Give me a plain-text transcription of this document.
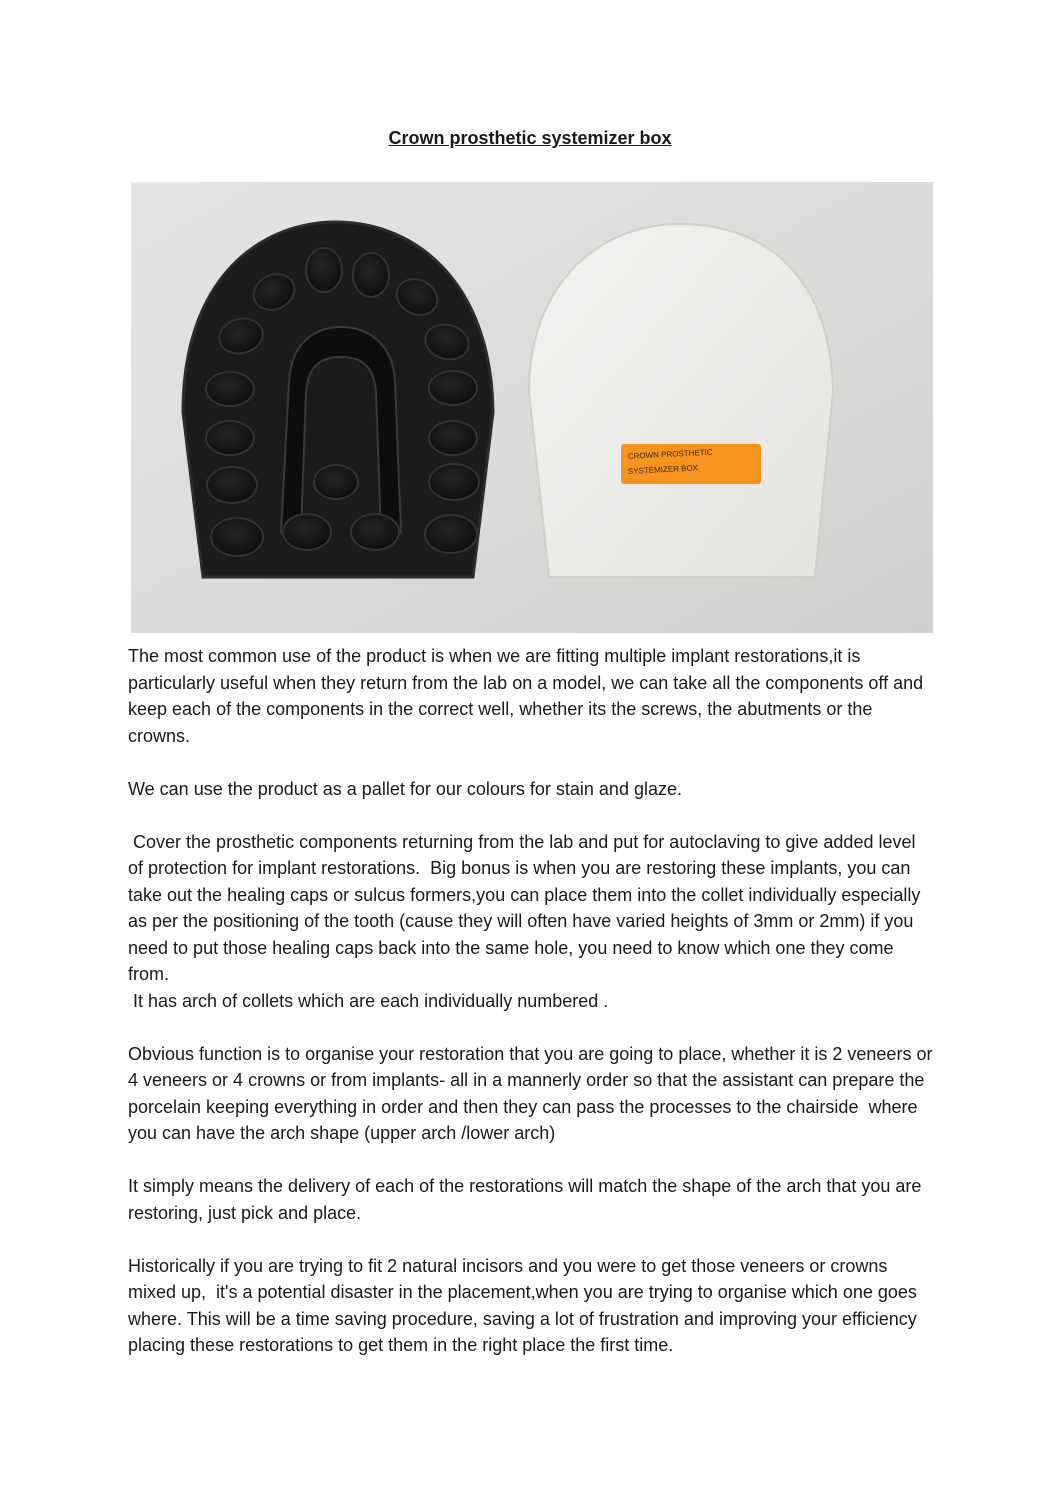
Crown prosthetic systemizer box
CROWN PROSTHETIC
SYSTEMIZER BOX

The most common use of the product is when we are fitting multiple implant restorations,it is particularly useful when they return from the lab on a model, we can take all the components off and keep each of the components in the correct well, whether its the screws, the abutments or the crowns.

We can use the product as a pallet for our colours for stain and glaze.

Cover the prosthetic components returning from the lab and put for autoclaving to give added level of protection for implant restorations.  Big bonus is when you are restoring these implants, you can take out the healing caps or sulcus formers,you can place them into the collet individually especially as per the positioning of the tooth (cause they will often have varied heights of 3mm or 2mm) if you need to put those healing caps back into the same hole, you need to know which one they come from.

It has arch of collets which are each individually numbered .

Obvious function is to organise your restoration that you are going to place, whether it is 2 veneers or 4 veneers or 4 crowns or from implants- all in a mannerly order so that the assistant can prepare the porcelain keeping everything in order and then they can pass the processes to the chairside  where you can have the arch shape (upper arch /lower arch)

It simply means the delivery of each of the restorations will match the shape of the arch that you are restoring, just pick and place.

Historically if you are trying to fit 2 natural incisors and you were to get those veneers or crowns mixed up,  it's a potential disaster in the placement,when you are trying to organise which one goes where. This will be a time saving procedure, saving a lot of frustration and improving your efficiency placing these restorations to get them in the right place the first time.
